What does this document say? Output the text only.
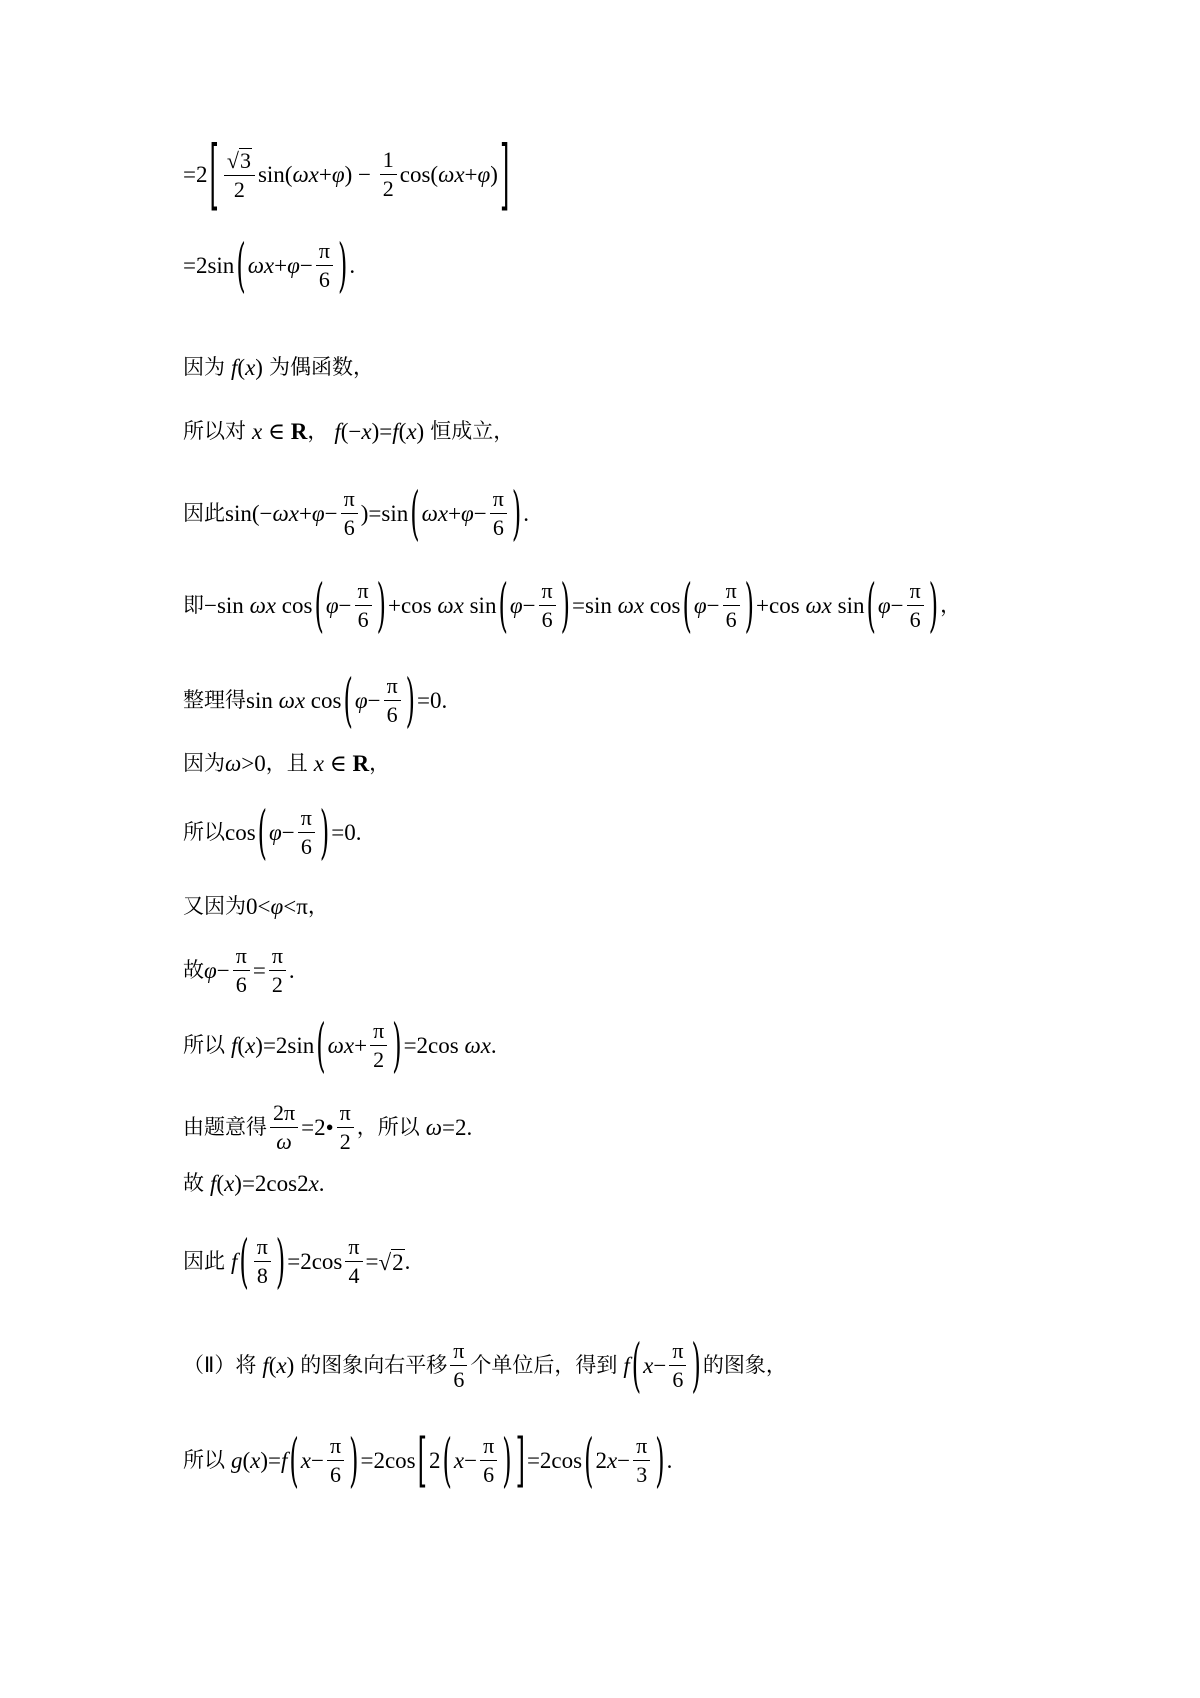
=2 [ $\frac{√ 3}{2} \sin$( ωx + φ ) − $\frac{1}{2} \cos$( ωx + φ ) ]
=2sin ( $\omega x + \varphi - \frac{\pi}{6}$ ) .
因为 f ( x ) 为偶函数，
所以对 x ∈ R ， f (− x )= f ( x ) 恒成立，
因此 $\sin(- \omega x + \varphi - \frac{\pi}{6} )=\sin$ ( $\omega x + \varphi - \frac{\pi}{6}$ ) .
即 −sin ωx cos ( $\varphi - \frac{\pi}{6}$ ) +cos ωx sin ( $\varphi - \frac{\pi}{6}$ ) =sin ωx cos ( $\varphi - \frac{\pi}{6}$ ) +cos ωx sin ( $\varphi - \frac{\pi}{6}$ ) ，
整理得 sin ωx cos ( $\varphi - \frac{\pi}{6}$ ) =0.
因为 ω >0 ，且 x ∈ R ，
所以 cos ( $\varphi - \frac{\pi}{6}$ ) =0.
又因为 0< φ <π ，
故 $\varphi - \frac{\pi}{6} = \frac{\pi}{2}$ .
所以 f ( x )=2sin ( $\omega x + \frac{\pi}{2}$ ) =2cos ωx .
由题意得 $\frac{2\pi}{\omega}$ =2• $\frac{\pi}{2}$ ，所以 ω =2.
故 f ( x )=2cos2 x .
因此 f ( $\frac{\pi}{8}$ ) $=2\cos \frac{\pi}{4}$ = √ 2 .
（Ⅱ）将 f ( x ) 的图象向右平移 $\frac{\pi}{6}$ 个单位后，得到 f ( $x - \frac{\pi}{6}$ ) 的图象，
所以 g ( x )= f ( $x - \frac{\pi}{6}$ ) =2cos [ 2 ( $x - \frac{\pi}{6}$ ) ] =2cos ( 2 $x - \frac{\pi}{3}$ ) .
